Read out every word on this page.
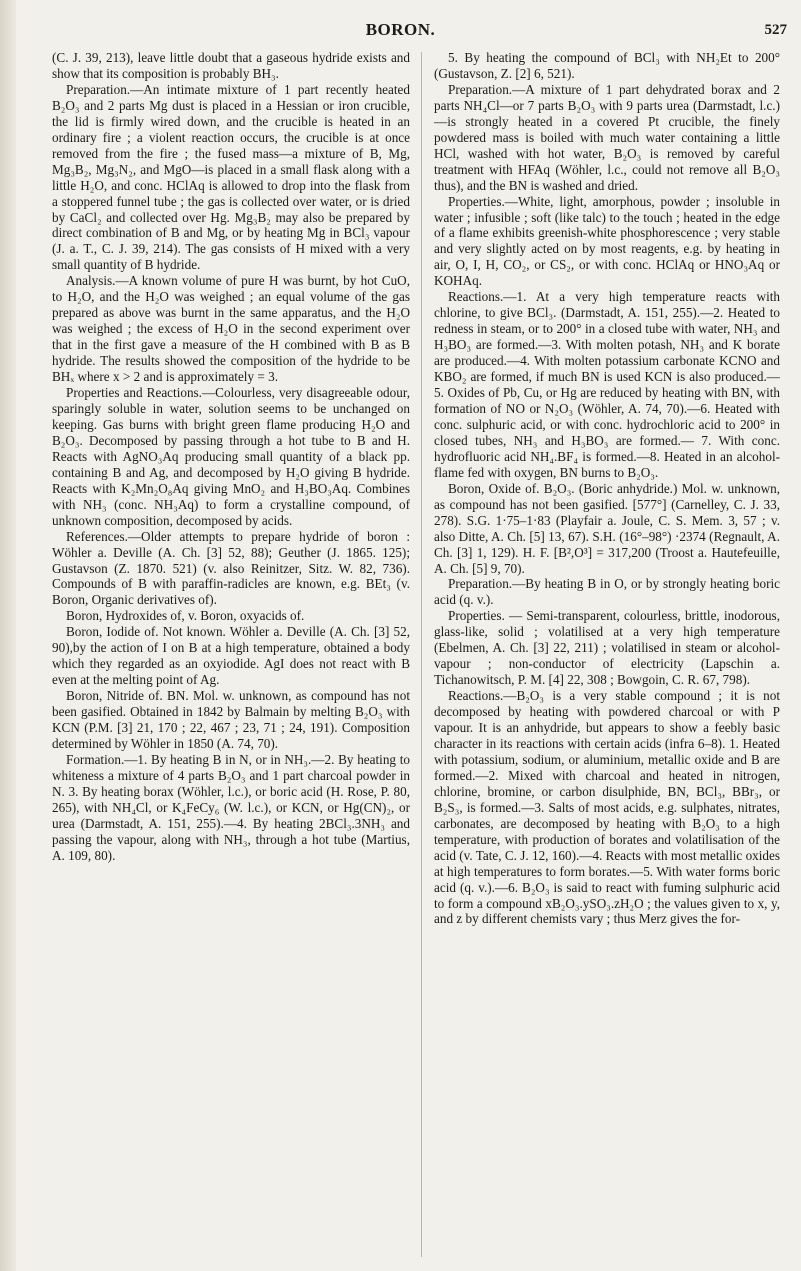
BORON.	527

(C. J. 39, 213), leave little doubt that a gaseous hydride exists and show that its composition is probably BH₃.

Preparation.—An intimate mixture of 1 part recently heated B₂O₃ and 2 parts Mg dust is placed in a Hessian or iron crucible, the lid is firmly wired down, and the crucible is heated in an ordinary fire ; a violent reaction occurs, the crucible is at once removed from the fire ; the fused mass—a mixture of B, Mg, Mg₃B₂, Mg₃N₂, and MgO—is placed in a small flask along with a little H₂O, and conc. HClAq is allowed to drop into the flask from a stoppered funnel tube ; the gas is collected over water, or is dried by CaCl₂ and collected over Hg. Mg₃B₂ may also be prepared by direct combination of B and Mg, or by heating Mg in BCl₃ vapour (J. a. T., C. J. 39, 214). The gas consists of H mixed with a very small quantity of B hydride.

Analysis.—A known volume of pure H was burnt, by hot CuO, to H₂O, and the H₂O was weighed ; an equal volume of the gas prepared as above was burnt in the same apparatus, and the H₂O was weighed ; the excess of H₂O in the second experiment over that in the first gave a measure of the H combined with B as B hydride. The results showed the composition of the hydride to be BHₓ where x > 2 and is approximately = 3.

Properties and Reactions.—Colourless, very disagreeable odour, sparingly soluble in water, solution seems to be unchanged on keeping. Gas burns with bright green flame producing H₂O and B₂O₃. Decomposed by passing through a hot tube to B and H. Reacts with AgNO₃Aq producing small quantity of a black pp. containing B and Ag, and decomposed by H₂O giving B hydride. Reacts with K₂Mn₂O₈Aq giving MnO₂ and H₃BO₃Aq. Combines with NH₃ (conc. NH₃Aq) to form a crystalline compound, of unknown composition, decomposed by acids.

References.—Older attempts to prepare hydride of boron : Wöhler a. Deville (A. Ch. [3] 52, 88); Geuther (J. 1865. 125); Gustavson (Z. 1870. 521) (v. also Reinitzer, Sitz. W. 82, 736). Compounds of B with paraffin-radicles are known, e.g. BEt₃ (v. Boron, Organic derivatives of).

Boron, Hydroxides of, v. Boron, oxyacids of.

Boron, Iodide of. Not known. Wöhler a. Deville (A. Ch. [3] 52, 90),by the action of I on B at a high temperature, obtained a body which they regarded as an oxyiodide. AgI does not react with B even at the melting point of Ag.

Boron, Nitride of. BN. Mol. w. unknown, as compound has not been gasified. Obtained in 1842 by Balmain by melting B₂O₃ with KCN (P.M. [3] 21, 170 ; 22, 467 ; 23, 71 ; 24, 191). Composition determined by Wöhler in 1850 (A. 74, 70).

Formation.—1. By heating B in N, or in NH₃.—2. By heating to whiteness a mixture of 4 parts B₂O₃ and 1 part charcoal powder in N. 3. By heating borax (Wöhler, l.c.), or boric acid (H. Rose, P. 80, 265), with NH₄Cl, or K₄FeCy₆ (W. l.c.), or KCN, or Hg(CN)₂, or urea (Darmstadt, A. 151, 255).—4. By heating 2BCl₃.3NH₃ and passing the vapour, along with NH₃, through a hot tube (Martius, A. 109, 80).

5. By heating the compound of BCl₃ with NH₂Et to 200° (Gustavson, Z. [2] 6, 521).

Preparation.—A mixture of 1 part dehydrated borax and 2 parts NH₄Cl—or 7 parts B₂O₃ with 9 parts urea (Darmstadt, l.c.)—is strongly heated in a covered Pt crucible, the finely powdered mass is boiled with much water containing a little HCl, washed with hot water, B₂O₃ is removed by careful treatment with HFAq (Wöhler, l.c., could not remove all B₂O₃ thus), and the BN is washed and dried.

Properties.—White, light, amorphous, powder ; insoluble in water ; infusible ; soft (like talc) to the touch ; heated in the edge of a flame exhibits greenish-white phosphorescence ; very stable and very slightly acted on by most reagents, e.g. by heating in air, O, I, H, CO₂, or CS₂, or with conc. HClAq or HNO₃Aq or KOHAq.

Reactions.—1. At a very high temperature reacts with chlorine, to give BCl₃. (Darmstadt, A. 151, 255).—2. Heated to redness in steam, or to 200° in a closed tube with water, NH₃ and H₃BO₃ are formed.—3. With molten potash, NH₃ and K borate are produced.—4. With molten potassium carbonate KCNO and KBO₂ are formed, if much BN is used KCN is also produced.—5. Oxides of Pb, Cu, or Hg are reduced by heating with BN, with formation of NO or N₂O₃ (Wöhler, A. 74, 70).—6. Heated with conc. sulphuric acid, or with conc. hydrochloric acid to 200° in closed tubes, NH₃ and H₃BO₃ are formed.— 7. With conc. hydrofluoric acid NH₄.BF₄ is formed.—8. Heated in an alcohol-flame fed with oxygen, BN burns to B₂O₃.

Boron, Oxide of. B₂O₃. (Boric anhydride.) Mol. w. unknown, as compound has not been gasified. [577°] (Carnelley, C. J. 33, 278). S.G. 1·75–1·83 (Playfair a. Joule, C. S. Mem. 3, 57 ; v. also Ditte, A. Ch. [5] 13, 67). S.H. (16°–98°) ·2374 (Regnault, A. Ch. [3] 1, 129). H. F. [B²,O³] = 317,200 (Troost a. Hautefeuille, A. Ch. [5] 9, 70).

Preparation.—By heating B in O, or by strongly heating boric acid (q. v.).

Properties. — Semi-transparent, colourless, brittle, inodorous, glass-like, solid ; volatilised at a very high temperature (Ebelmen, A. Ch. [3] 22, 211) ; volatilised in steam or alcohol-vapour ; non-conductor of electricity (Lapschin a. Tichanowitsch, P. M. [4] 22, 308 ; Bowgoin, C. R. 67, 798).

Reactions.—B₂O₃ is a very stable compound ; it is not decomposed by heating with powdered charcoal or with P vapour. It is an anhydride, but appears to show a feebly basic character in its reactions with certain acids (infra 6–8). 1. Heated with potassium, sodium, or aluminium, metallic oxide and B are formed.—2. Mixed with charcoal and heated in nitrogen, chlorine, bromine, or carbon disulphide, BN, BCl₃, BBr₃, or B₂S₃, is formed.—3. Salts of most acids, e.g. sulphates, nitrates, carbonates, are decomposed by heating with B₂O₃ to a high temperature, with production of borates and volatilisation of the acid (v. Tate, C. J. 12, 160).—4. Reacts with most metallic oxides at high temperatures to form borates.—5. With water forms boric acid (q. v.).—6. B₂O₃ is said to react with fuming sulphuric acid to form a compound xB₂O₃.ySO₃.zH₂O ; the values given to x, y, and z by different chemists vary ; thus Merz gives the for-
